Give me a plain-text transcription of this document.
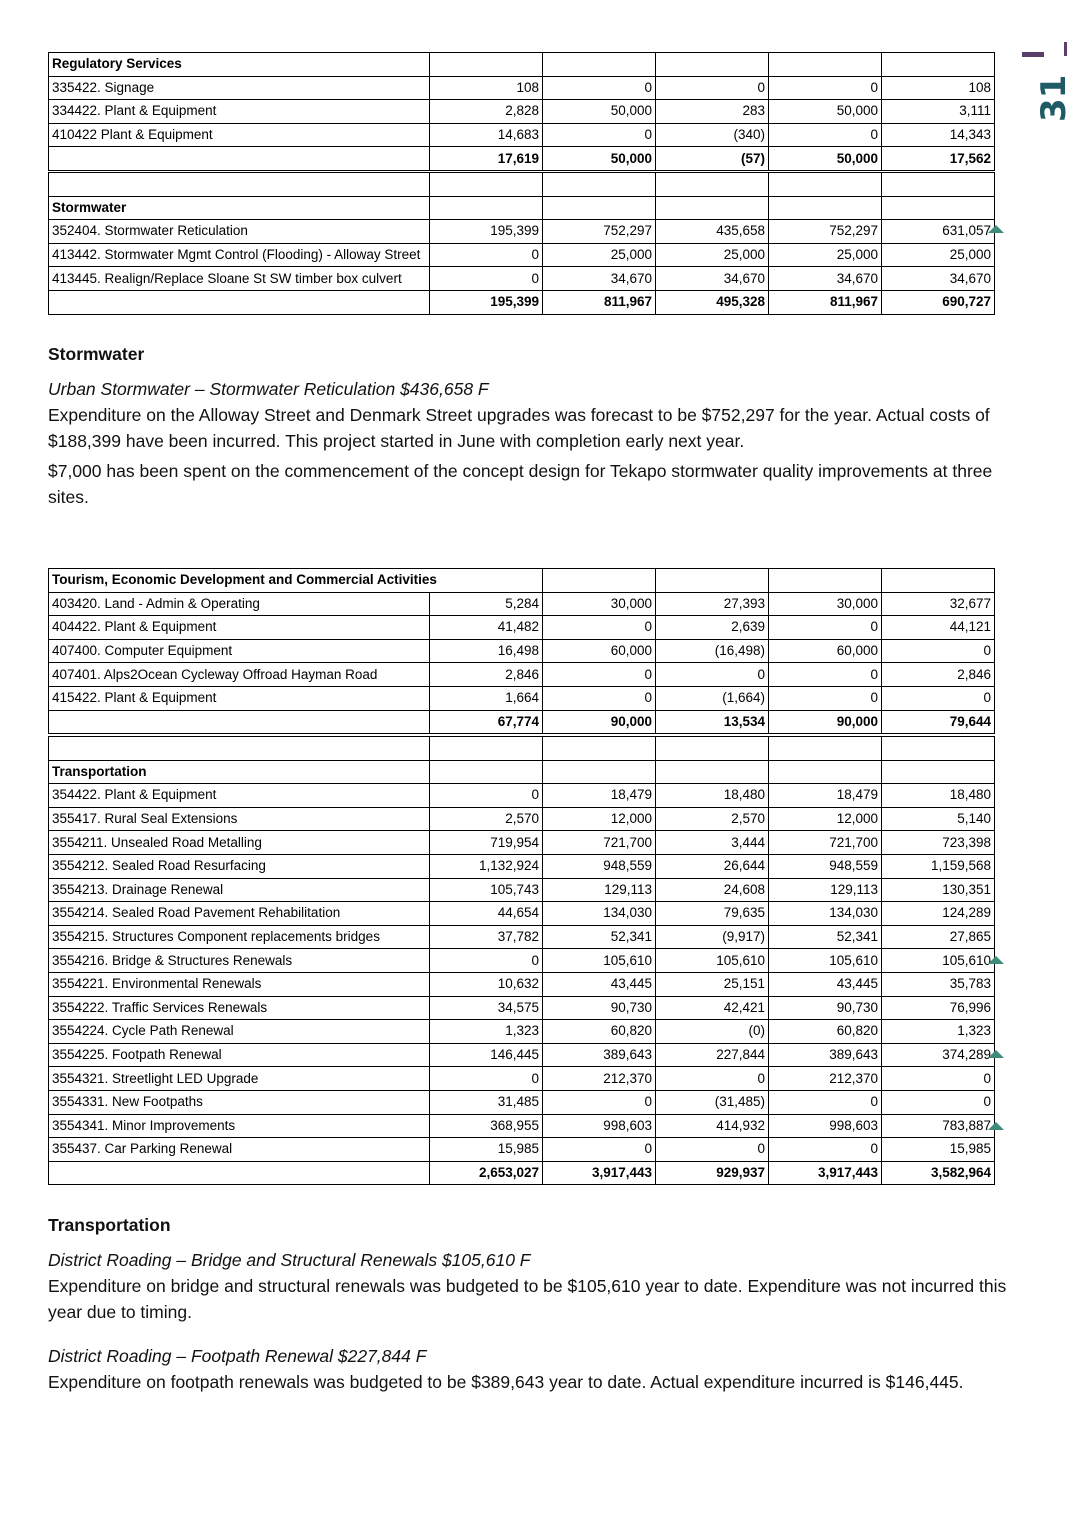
31
Regulatory Services					
335422. Signage	108	0	0	0	108
334422. Plant & Equipment	2,828	50,000	283	50,000	3,111
410422 Plant & Equipment	14,683	0	(340)	0	14,343
	17,619	50,000	(57)	50,000	17,562

Stormwater					
352404. Stormwater Reticulation	195,399	752,297	435,658	752,297	631,057
413442. Stormwater Mgmt Control (Flooding) - Alloway Street	0	25,000	25,000	25,000	25,000
413445. Realign/Replace Sloane St SW timber box culvert	0	34,670	34,670	34,670	34,670
	195,399	811,967	495,328	811,967	690,727
Stormwater
Urban Stormwater – Stormwater Reticulation $436,658 F
Expenditure on the Alloway Street and Denmark Street upgrades was forecast to be $752,297 for the year. Actual costs of $188,399 have been incurred. This project started in June with completion early next year.
$7,000 has been spent on the commencement of the concept design for Tekapo stormwater quality improvements at three sites.
Tourism, Economic Development and Commercial Activities					
403420. Land - Admin & Operating	5,284	30,000	27,393	30,000	32,677
404422. Plant & Equipment	41,482	0	2,639	0	44,121
407400. Computer Equipment	16,498	60,000	(16,498)	60,000	0
407401. Alps2Ocean Cycleway Offroad Hayman Road	2,846	0	0	0	2,846
415422. Plant & Equipment	1,664	0	(1,664)	0	0
	67,774	90,000	13,534	90,000	79,644

Transportation					
354422. Plant & Equipment	0	18,479	18,480	18,479	18,480
355417. Rural Seal Extensions	2,570	12,000	2,570	12,000	5,140
3554211. Unsealed Road Metalling	719,954	721,700	3,444	721,700	723,398
3554212. Sealed Road Resurfacing	1,132,924	948,559	26,644	948,559	1,159,568
3554213. Drainage Renewal	105,743	129,113	24,608	129,113	130,351
3554214. Sealed Road Pavement Rehabilitation	44,654	134,030	79,635	134,030	124,289
3554215. Structures Component replacements bridges	37,782	52,341	(9,917)	52,341	27,865
3554216. Bridge & Structures Renewals	0	105,610	105,610	105,610	105,610
3554221. Environmental Renewals	10,632	43,445	25,151	43,445	35,783
3554222. Traffic Services Renewals	34,575	90,730	42,421	90,730	76,996
3554224. Cycle Path Renewal	1,323	60,820	(0)	60,820	1,323
3554225. Footpath Renewal	146,445	389,643	227,844	389,643	374,289
3554321. Streetlight LED Upgrade	0	212,370	0	212,370	0
3554331. New Footpaths	31,485	0	(31,485)	0	0
3554341. Minor Improvements	368,955	998,603	414,932	998,603	783,887
355437. Car Parking Renewal	15,985	0	0	0	15,985
	2,653,027	3,917,443	929,937	3,917,443	3,582,964
Transportation
District Roading – Bridge and Structural Renewals $105,610 F
Expenditure on bridge and structural renewals was budgeted to be $105,610 year to date. Expenditure was not incurred this year due to timing.
District Roading – Footpath Renewal $227,844 F
Expenditure on footpath renewals was budgeted to be $389,643 year to date. Actual expenditure incurred is $146,445.
